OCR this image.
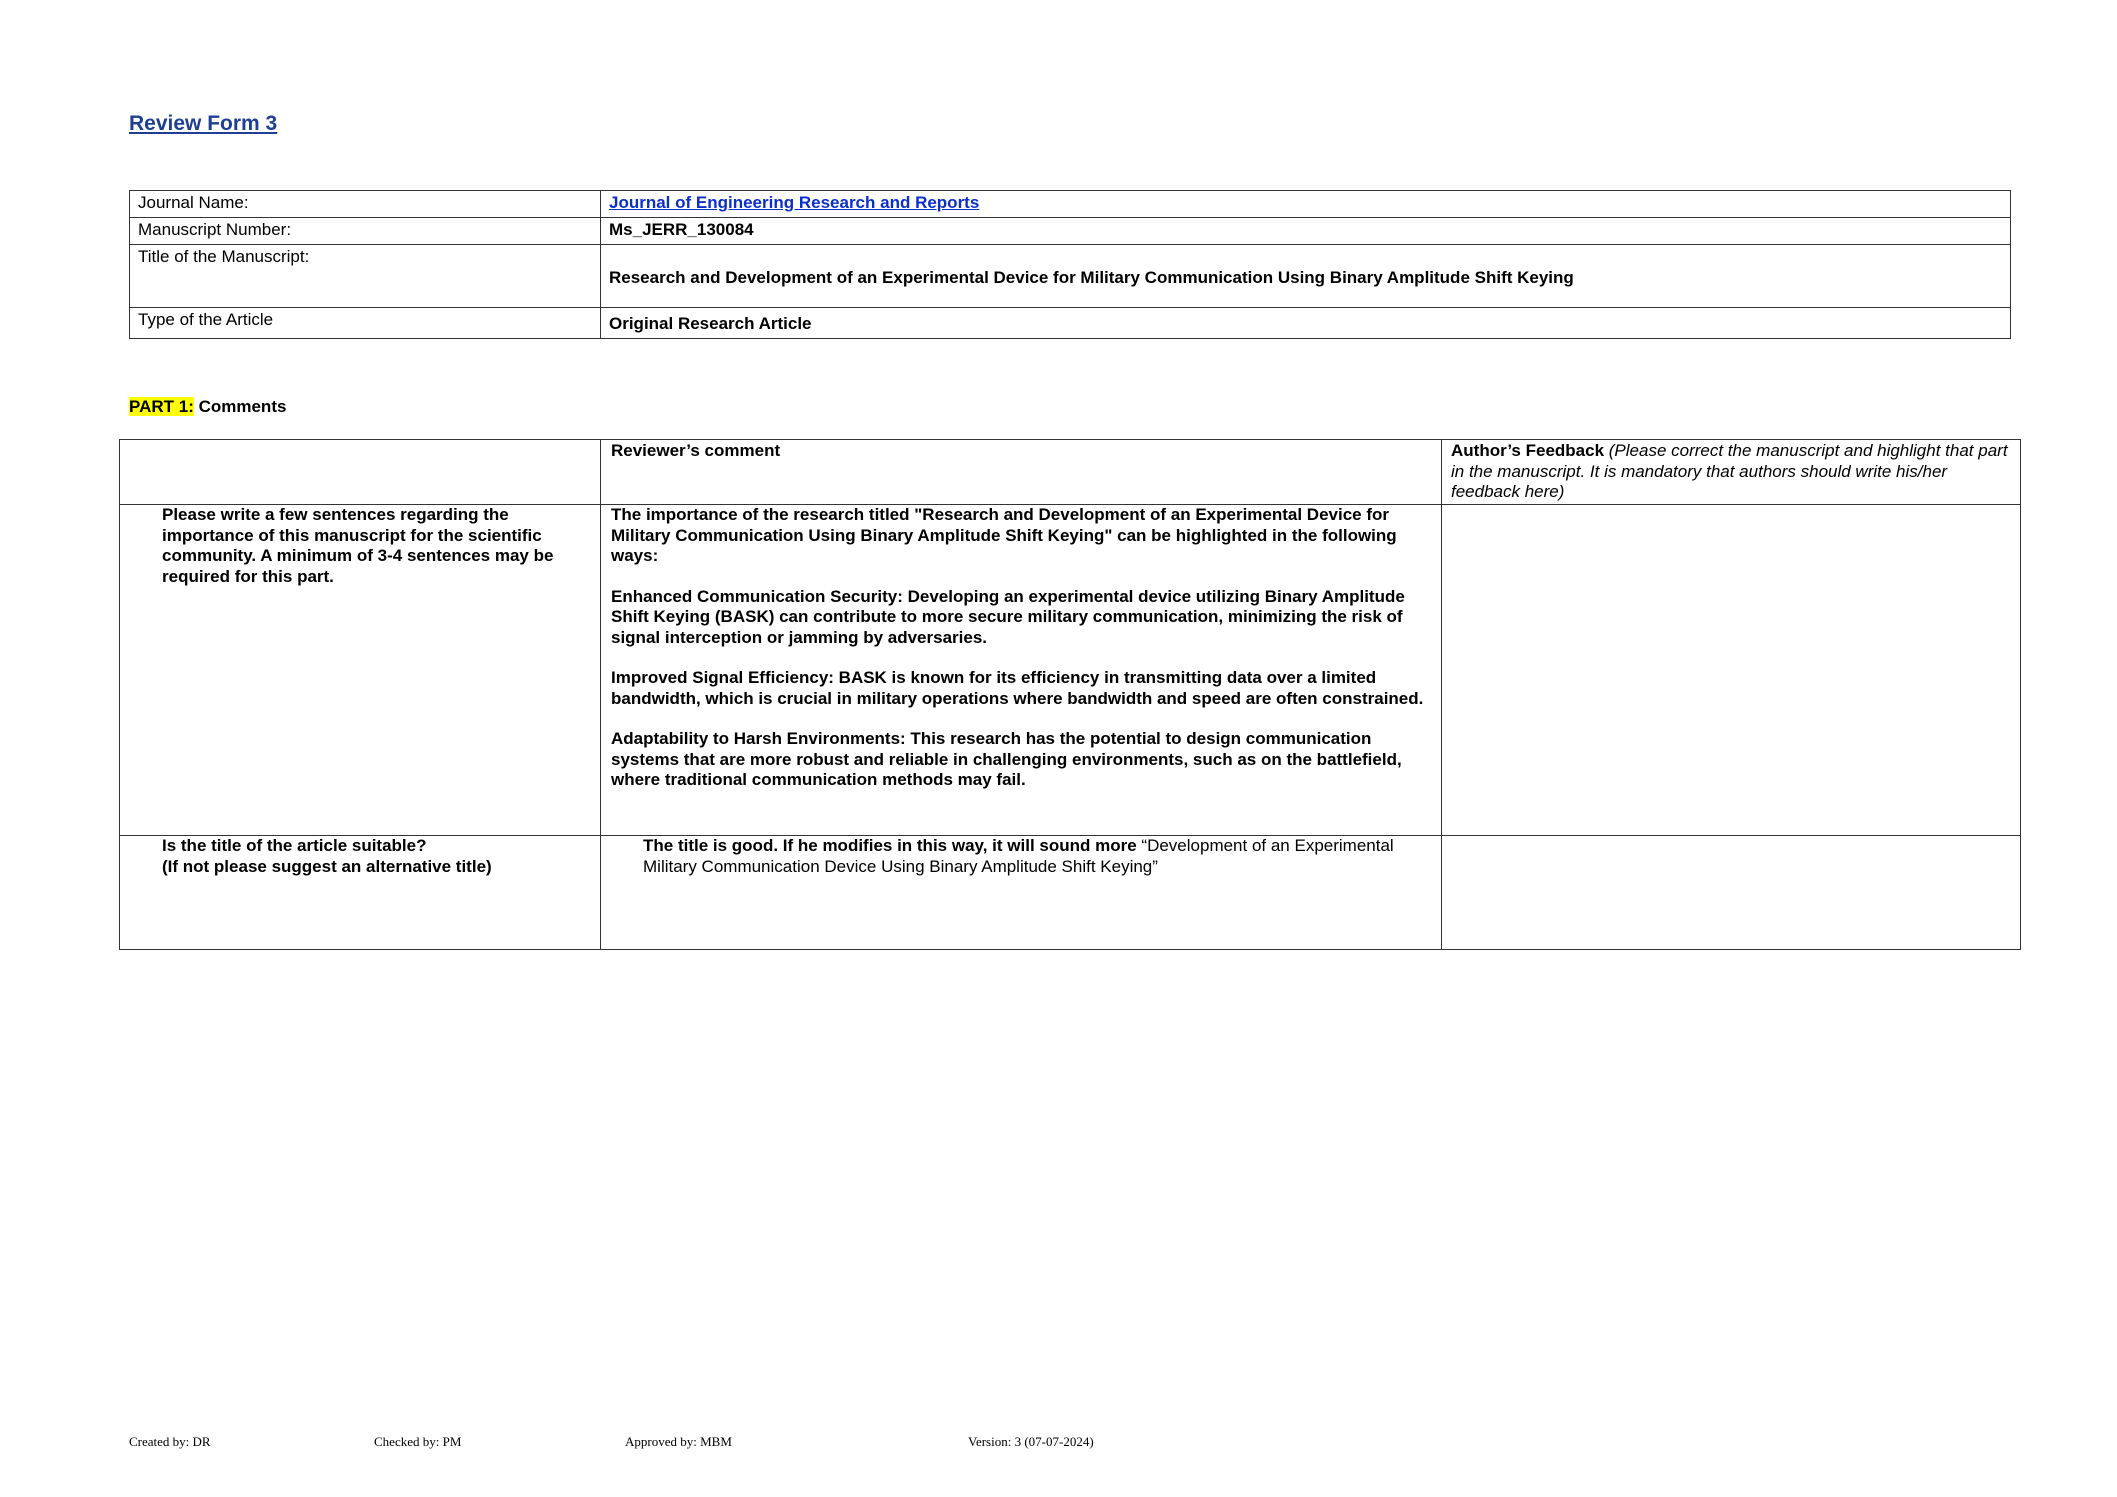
Review Form 3
Journal Name:	Journal of Engineering Research and Reports
Manuscript Number:	Ms_JERR_130084
Title of the Manuscript:	Research and Development of an Experimental Device for Military Communication Using Binary Amplitude Shift Keying
Type of the Article	Original Research Article
PART 1: Comments
	Reviewer’s comment	Author’s Feedback (Please correct the manuscript and highlight that part in the manuscript. It is mandatory that authors should write his/her feedback here)
Please write a few sentences regarding the importance of this manuscript for the scientific community. A minimum of 3-4 sentences may be required for this part.	The importance of the research titled "Research and Development of an Experimental Device for Military Communication Using Binary Amplitude Shift Keying" can be highlighted in the following ways:

Enhanced Communication Security: Developing an experimental device utilizing Binary Amplitude Shift Keying (BASK) can contribute to more secure military communication, minimizing the risk of signal interception or jamming by adversaries.

Improved Signal Efficiency: BASK is known for its efficiency in transmitting data over a limited bandwidth, which is crucial in military operations where bandwidth and speed are often constrained.

Adaptability to Harsh Environments: This research has the potential to design communication systems that are more robust and reliable in challenging environments, such as on the battlefield, where traditional communication methods may fail.	

Is the title of the article suitable?
(If not please suggest an alternative title)	The title is good. If he modifies in this way, it will sound more “Development of an Experimental Military Communication Device Using Binary Amplitude Shift Keying”	
Created by: DR	Checked by: PM	Approved by: MBM	Version: 3 (07-07-2024)
